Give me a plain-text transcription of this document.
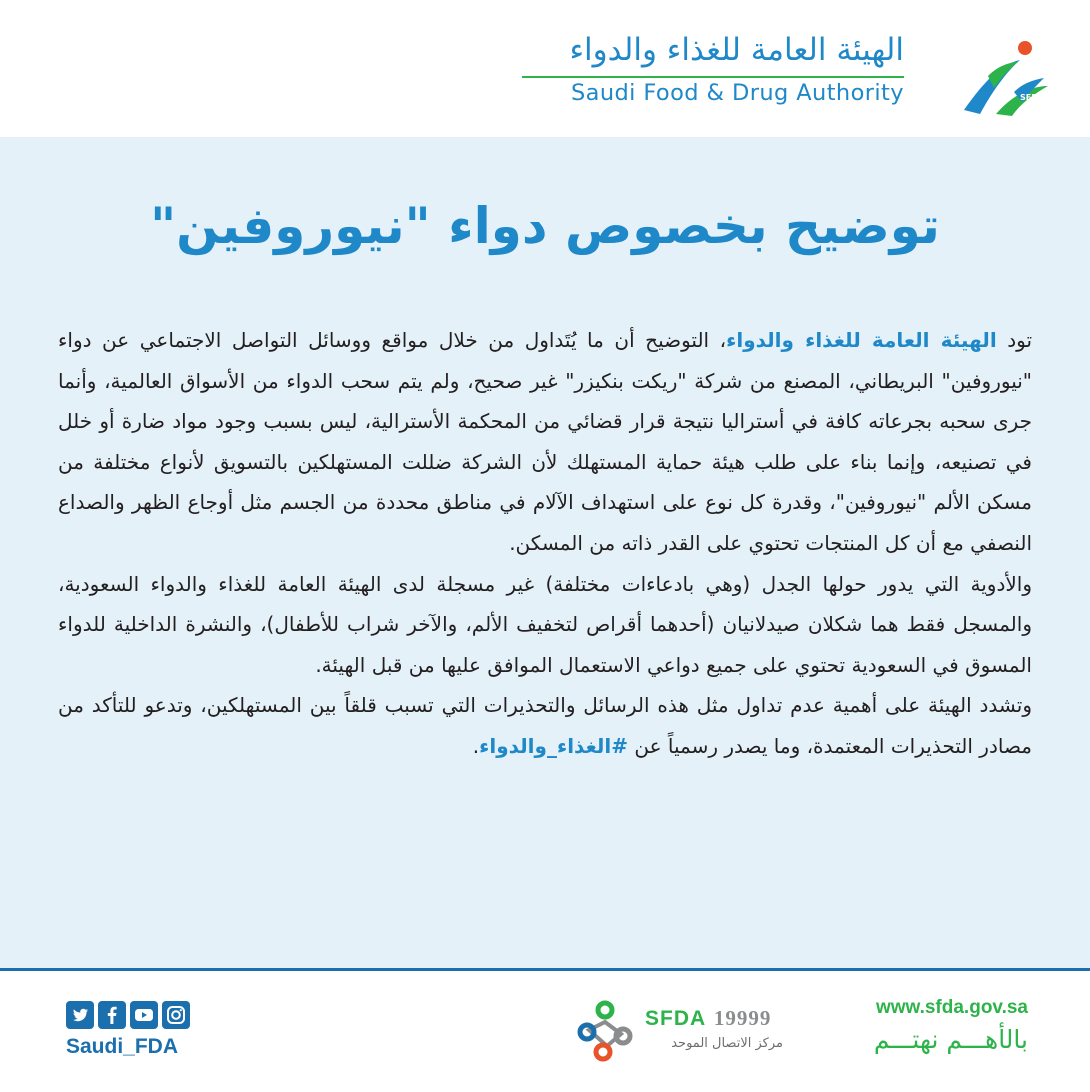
الهيئة العامة للغذاء والدواء
Saudi Food & Drug Authority	SFDA
توضيح بخصوص دواء "نيوروفين"

تود الهيئة العامة للغذاء والدواء، التوضيح أن ما يُتَداول من خلال مواقع ووسائل التواصل الاجتماعي عن دواء "نيوروفين" البريطاني، المصنع من شركة "ريكت بنكيزر" غير صحيح، ولم يتم سحب الدواء من الأسواق العالمية، وأنما جرى سحبه بجرعاته كافة في أستراليا نتيجة قرار قضائي من المحكمة الأسترالية، ليس بسبب وجود مواد ضارة أو خلل في تصنيعه، وإنما بناء على طلب هيئة حماية المستهلك لأن الشركة ضللت المستهلكين بالتسويق لأنواع مختلفة من مسكن الألم "نيوروفين"، وقدرة كل نوع على استهداف الآلام في مناطق محددة من الجسم مثل أوجاع الظهر والصداع النصفي مع أن كل المنتجات تحتوي على القدر ذاته من المسكن.

والأدوية التي يدور حولها الجدل (وهي بادعاءات مختلفة) غير مسجلة لدى الهيئة العامة للغذاء والدواء السعودية، والمسجل فقط هما شكلان صيدلانيان (أحدهما أقراص لتخفيف الألم، والآخر شراب للأطفال)، والنشرة الداخلية للدواء المسوق في السعودية تحتوي على جميع دواعي الاستعمال الموافق عليها من قبل الهيئة.

وتشدد الهيئة على أهمية عدم تداول مثل هذه الرسائل والتحذيرات التي تسبب قلقاً بين المستهلكين، وتدعو للتأكد من مصادر التحذيرات المعتمدة، وما يصدر رسمياً عن #الغذاء_والدواء.

Saudi_FDA
SFDA 19999
مركز الاتصال الموحد
www.sfda.gov.sa
بالأهـــم نهتـــم
